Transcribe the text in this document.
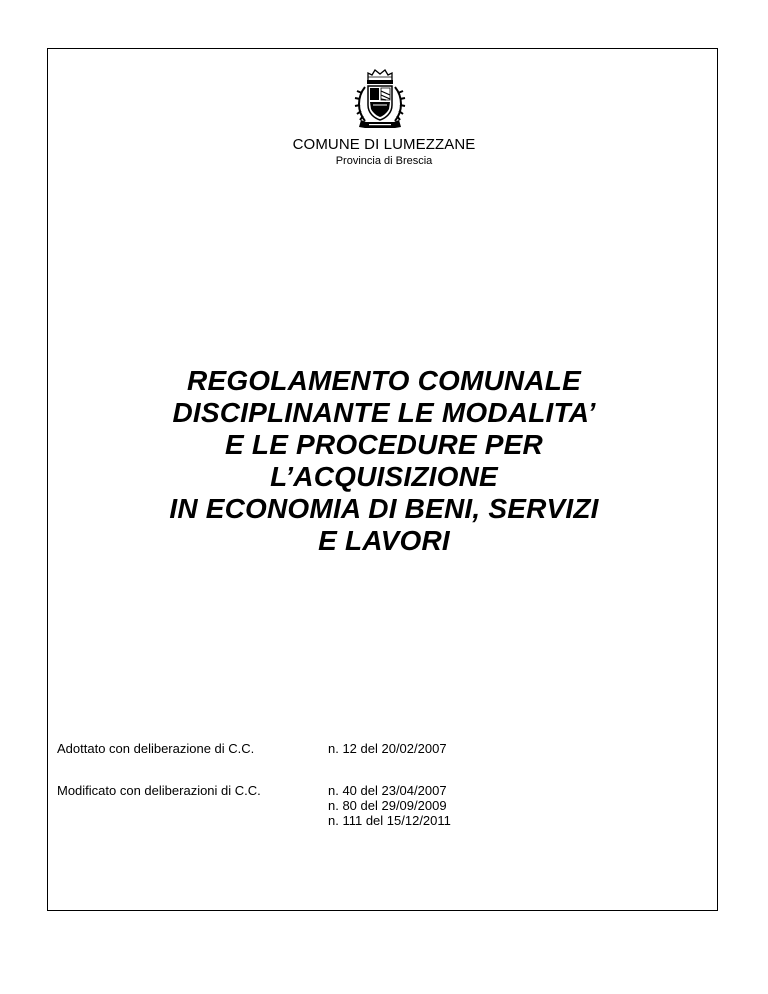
COMUNE DI LUMEZZANE
Provincia di Brescia
REGOLAMENTO COMUNALE
DISCIPLINANTE LE MODALITA’
E LE PROCEDURE PER
L’ACQUISIZIONE
IN ECONOMIA DI BENI, SERVIZI
E LAVORI
Adottato con deliberazione di C.C.	n. 12 del 20/02/2007
Modificato con deliberazioni di C.C.	n. 40 del 23/04/2007
n. 80 del 29/09/2009
n. 111 del 15/12/2011
